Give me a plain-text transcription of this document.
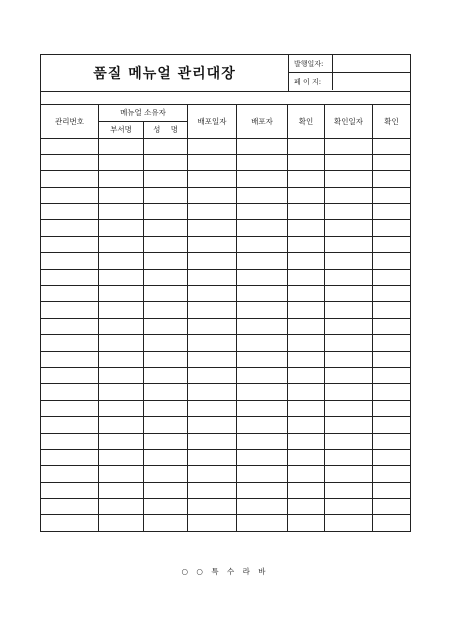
품질 메뉴얼 관리대장	발행일자:
페 이 지:

관리번호	메뉴얼 소유자		배포일자	배포자	확인	확인일자	확인
	부서명	성 명					

○ ○ 특 수 라 바
